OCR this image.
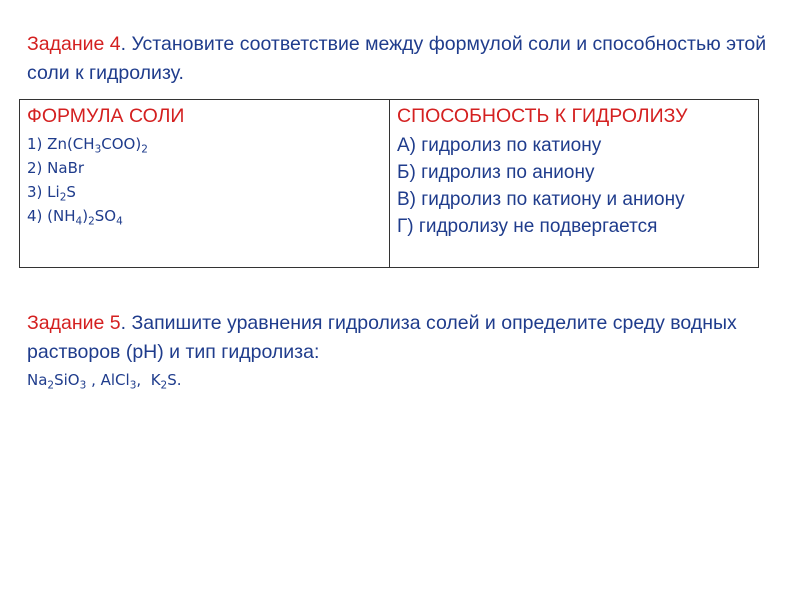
Задание 4. Установите соответствие между формулой соли и способностью этой соли к гидролизу.
ФОРМУЛА СОЛИ
1) $Zn(CH_3COO)_2$
2) NaBr
3) $Li_2S$
4) $(NH_4)_2SO_4$
СПОСОБНОСТЬ К ГИДРОЛИЗУ
А) гидролиз по катиону
Б) гидролиз по аниону
В) гидролиз по катиону и аниону
Г) гидролизу не подвергается
Задание 5. Запишите уравнения гидролиза солей и определите среду водных растворов (рН) и тип гидролиза:
$Na_2SiO_3$ , AlCl$_3$,  $K_2S$.
